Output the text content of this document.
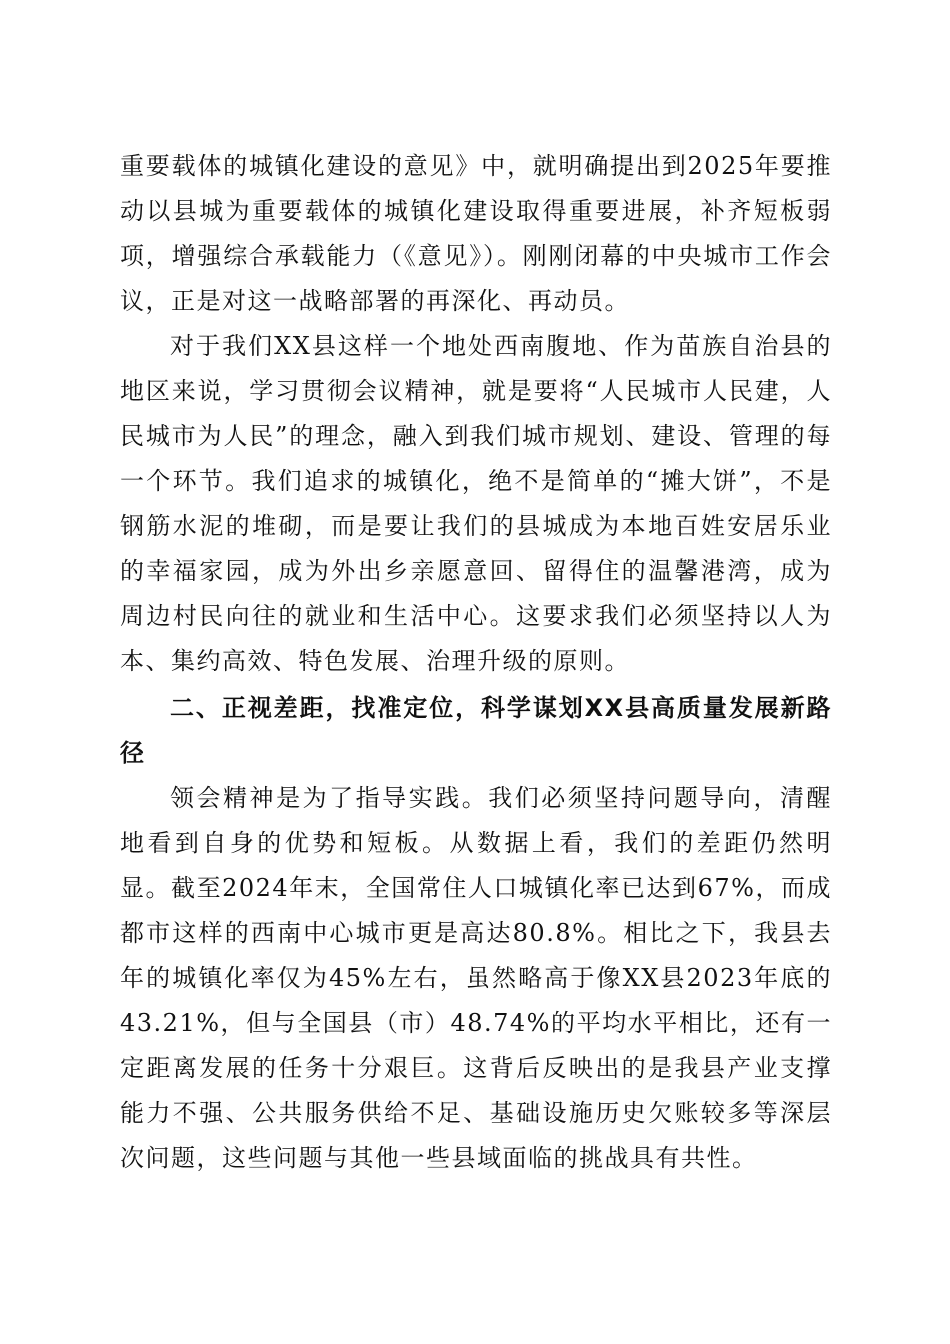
重要载体的城镇化建设的意见》中，就明确提出到2025年要推动以县城为重要载体的城镇化建设取得重要进展，补齐短板弱项，增强综合承载能力（《意见》）。刚刚闭幕的中央城市工作会议，正是对这一战略部署的再深化、再动员。

对于我们XX县这样一个地处西南腹地、作为苗族自治县的地区来说，学习贯彻会议精神，就是要将“人民城市人民建，人民城市为人民”的理念，融入到我们城市规划、建设、管理的每一个环节。我们追求的城镇化，绝不是简单的“摊大饼”，不是钢筋水泥的堆砌，而是要让我们的县城成为本地百姓安居乐业的幸福家园，成为外出乡亲愿意回、留得住的温馨港湾，成为周边村民向往的就业和生活中心。这要求我们必须坚持以人为本、集约高效、特色发展、治理升级的原则。

二、正视差距，找准定位，科学谋划XX县高质量发展新路径

领会精神是为了指导实践。我们必须坚持问题导向，清醒地看到自身的优势和短板。从数据上看，我们的差距仍然明显。截至2024年末，全国常住人口城镇化率已达到67%，而成都市这样的西南中心城市更是高达80.8%。相比之下，我县去年的城镇化率仅为45%左右，虽然略高于像XX县2023年底的43.21%，但与全国县（市）48.74%的平均水平相比，还有一定距离发展的任务十分艰巨。这背后反映出的是我县产业支撑能力不强、公共服务供给不足、基础设施历史欠账较多等深层次问题，这些问题与其他一些县域面临的挑战具有共性。
